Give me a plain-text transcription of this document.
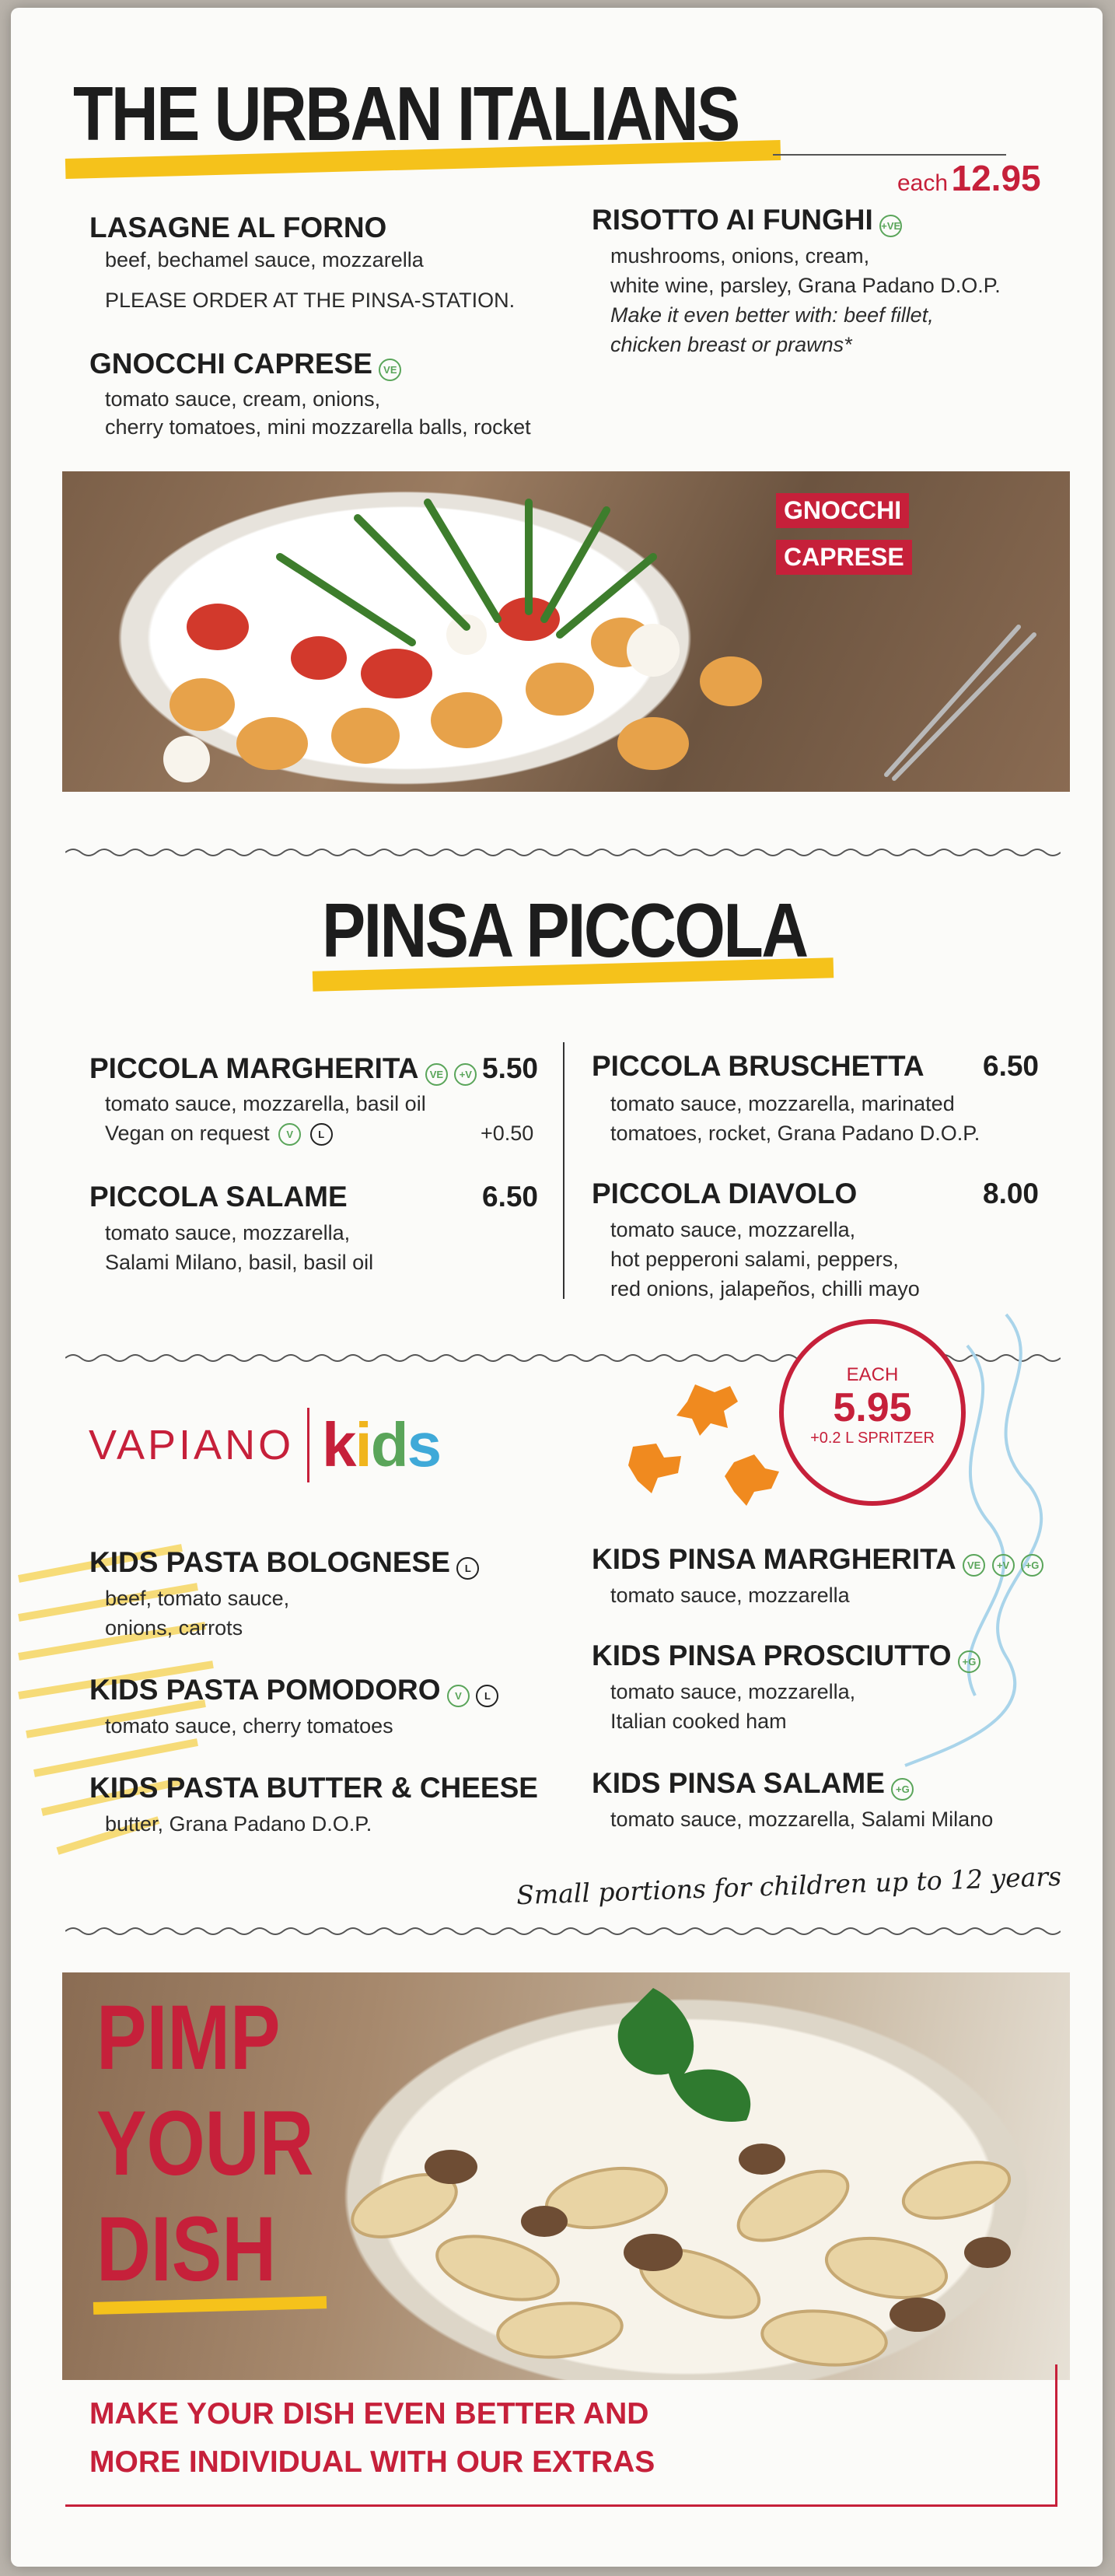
THE URBAN ITALIANS
each 12.95
LASAGNE AL FORNO
beef, bechamel sauce, mozzarella
PLEASE ORDER AT THE PINSA-STATION.
GNOCCHI CAPRESE VE
tomato sauce, cream, onions,
cherry tomatoes, mini mozzarella balls, rocket
RISOTTO AI FUNGHI +VE
mushrooms, onions, cream,
white wine, parsley, Grana Padano D.O.P.
Make it even better with: beef fillet,
chicken breast or prawns*
GNOCCHI
CAPRESE
PINSA PICCOLA
PICCOLA MARGHERITA VE +V 5.50
tomato sauce, mozzarella, basil oil
Vegan on request V L	+0.50
PICCOLA SALAME	6.50
tomato sauce, mozzarella,
Salami Milano, basil, basil oil
PICCOLA BRUSCHETTA 6.50
tomato sauce, mozzarella, marinated
tomatoes, rocket, Grana Padano D.O.P.
PICCOLA DIAVOLO	8.00
tomato sauce, mozzarella,
hot pepperoni salami, peppers,
red onions, jalapeños, chilli mayo
VAPIANO kids
EACH
5.95
+0.2 L SPRITZER
KIDS PASTA BOLOGNESE L
beef, tomato sauce,
onions, carrots
KIDS PASTA POMODORO V L
tomato sauce, cherry tomatoes
KIDS PASTA BUTTER & CHEESE
butter, Grana Padano D.O.P.
KIDS PINSA MARGHERITA VE +V +G
tomato sauce, mozzarella
KIDS PINSA PROSCIUTTO +G
tomato sauce, mozzarella,
Italian cooked ham
KIDS PINSA SALAME +G
tomato sauce, mozzarella, Salami Milano
Small portions for children up to 12 years
PIMP
YOUR
DISH
MAKE YOUR DISH EVEN BETTER AND
MORE INDIVIDUAL WITH OUR EXTRAS
